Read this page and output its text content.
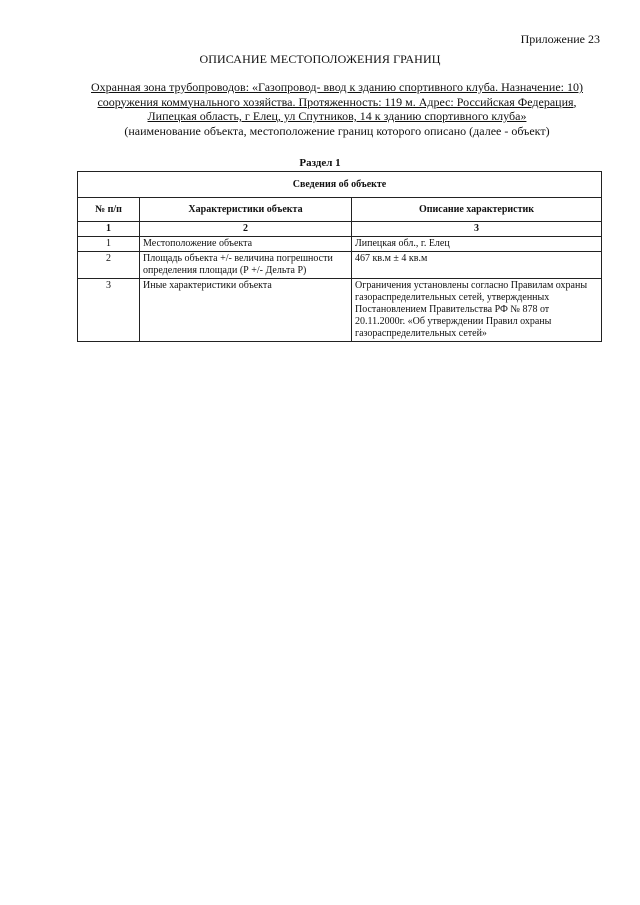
Приложение 23
ОПИСАНИЕ МЕСТОПОЛОЖЕНИЯ ГРАНИЦ
Охранная зона трубопроводов: «Газопровод- ввод к зданию спортивного клуба. Назначение: 10) сооружения коммунального хозяйства. Протяженность: 119 м. Адрес: Российская Федерация, Липецкая область, г Елец, ул Спутников, 14 к зданию спортивного клуба»
(наименование объекта, местоположение границ которого описано (далее - объект)
Раздел 1
Сведения об объекте		
№ п/п	Характеристики объекта	Описание характеристик
1	2	3
1	Местоположение объекта	Липецкая обл., г. Елец
2	Площадь объекта +/- величина погрешности определения площади (Р +/- Дельта Р)	467 кв.м ± 4 кв.м
3	Иные характеристики объекта	Ограничения установлены согласно Правилам охраны газораспределительных сетей, утвержденных Постановлением Правительства РФ № 878 от 20.11.2000г. «Об утверждении Правил охраны газораспределительных сетей»
